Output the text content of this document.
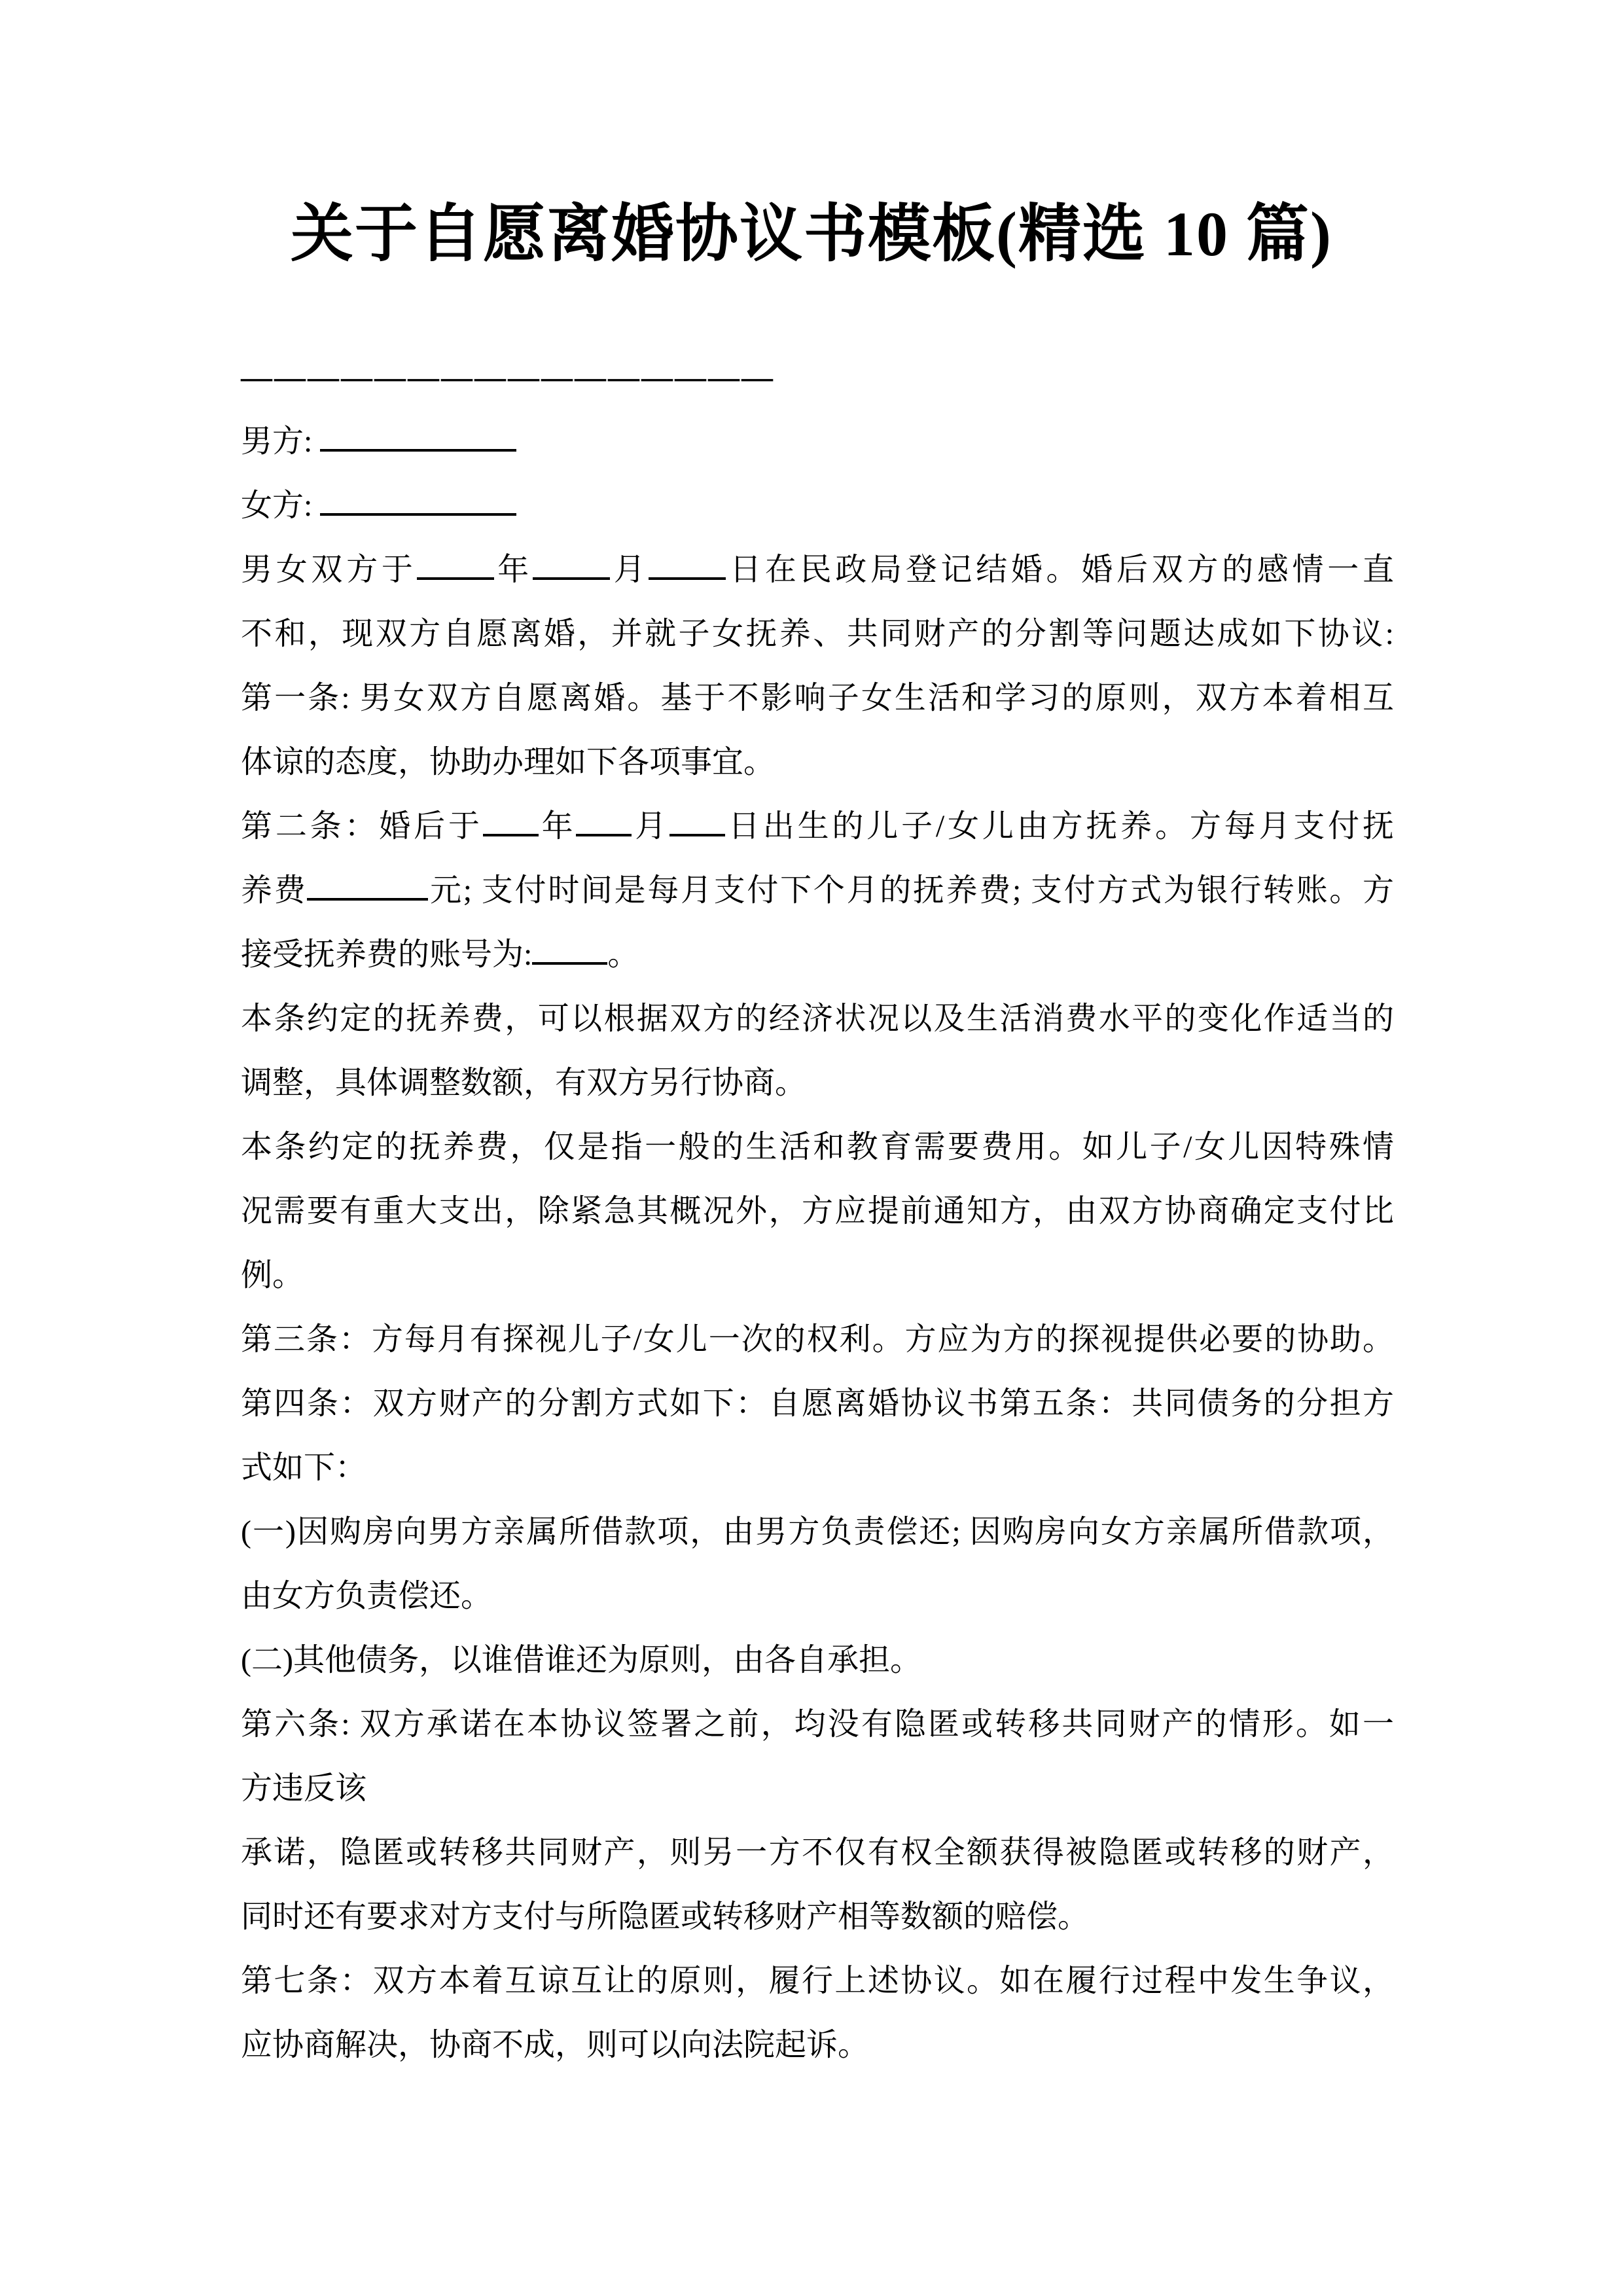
关于自愿离婚协议书模板(精选 10 篇)
————————————————
男方:
女方:
男女双方于 年 月 日在民政局登记结婚。婚后双方的感情一直
不和，现双方自愿离婚，并就子女抚养、共同财产的分割等问题达成如下协议:
第一条: 男女双方自愿离婚。基于不影响子女生活和学习的原则，双方本着相互
体谅的态度，协助办理如下各项事宜。
第二条：婚后于 年 月 日出生的儿子/女儿由方抚养。方每月支付抚
养费	元; 支付时间是每月支付下个月的抚养费; 支付方式为银行转账。方
接受抚养费的账号为: 。
本条约定的抚养费，可以根据双方的经济状况以及生活消费水平的变化作适当的
调整，具体调整数额，有双方另行协商。
本条约定的抚养费，仅是指一般的生活和教育需要费用。如儿子/女儿因特殊情
况需要有重大支出，除紧急其概况外，方应提前通知方，由双方协商确定支付比
例。
第三条：方每月有探视儿子/女儿一次的权利。方应为方的探视提供必要的协助。
第四条：双方财产的分割方式如下：自愿离婚协议书第五条：共同债务的分担方
式如下：
(一)因购房向男方亲属所借款项，由男方负责偿还; 因购房向女方亲属所借款项，
由女方负责偿还。
(二)其他债务，以谁借谁还为原则，由各自承担。
第六条: 双方承诺在本协议签署之前，均没有隐匿或转移共同财产的情形。如一
方违反该
承诺，隐匿或转移共同财产，则另一方不仅有权全额获得被隐匿或转移的财产，
同时还有要求对方支付与所隐匿或转移财产相等数额的赔偿。
第七条：双方本着互谅互让的原则，履行上述协议。如在履行过程中发生争议，
应协商解决，协商不成，则可以向法院起诉。
